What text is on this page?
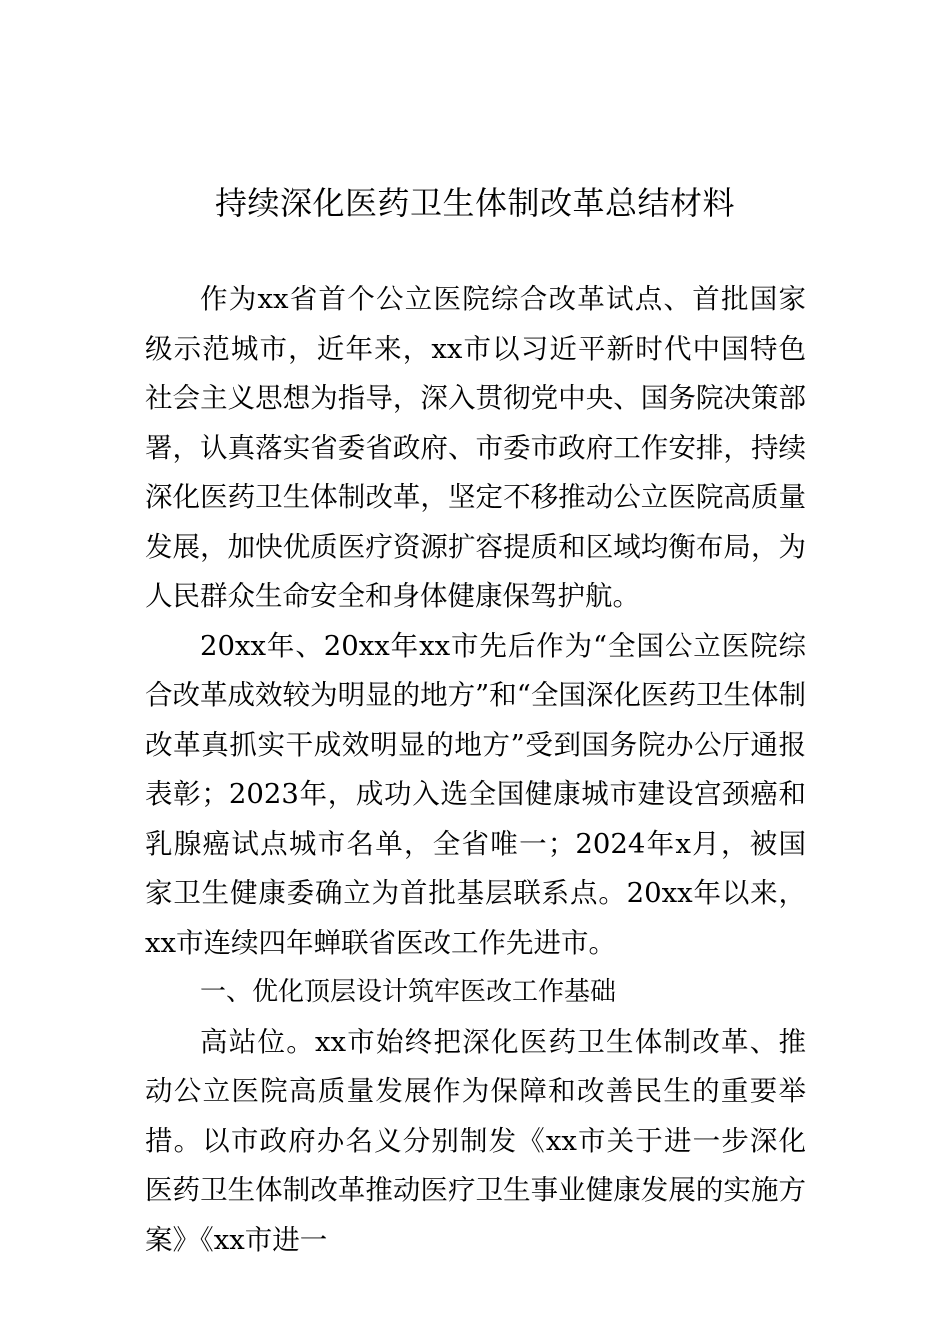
持续深化医药卫生体制改革总结材料

作为xx省首个公立医院综合改革试点、首批国家级示范城市，近年来，xx市以习近平新时代中国特色社会主义思想为指导，深入贯彻党中央、国务院决策部署，认真落实省委省政府、市委市政府工作安排，持续深化医药卫生体制改革，坚定不移推动公立医院高质量发展，加快优质医疗资源扩容提质和区域均衡布局，为人民群众生命安全和身体健康保驾护航。

20xx年、20xx年xx市先后作为“全国公立医院综合改革成效较为明显的地方”和“全国深化医药卫生体制改革真抓实干成效明显的地方”受到国务院办公厅通报表彰；2023年，成功入选全国健康城市建设宫颈癌和乳腺癌试点城市名单，全省唯一；2024年x月，被国家卫生健康委确立为首批基层联系点。20xx年以来，xx市连续四年蝉联省医改工作先进市。

一、优化顶层设计筑牢医改工作基础

高站位。xx市始终把深化医药卫生体制改革、推动公立医院高质量发展作为保障和改善民生的重要举措。以市政府办名义分别制发《xx市关于进一步深化医药卫生体制改革推动医疗卫生事业健康发展的实施方案》《xx市进一
